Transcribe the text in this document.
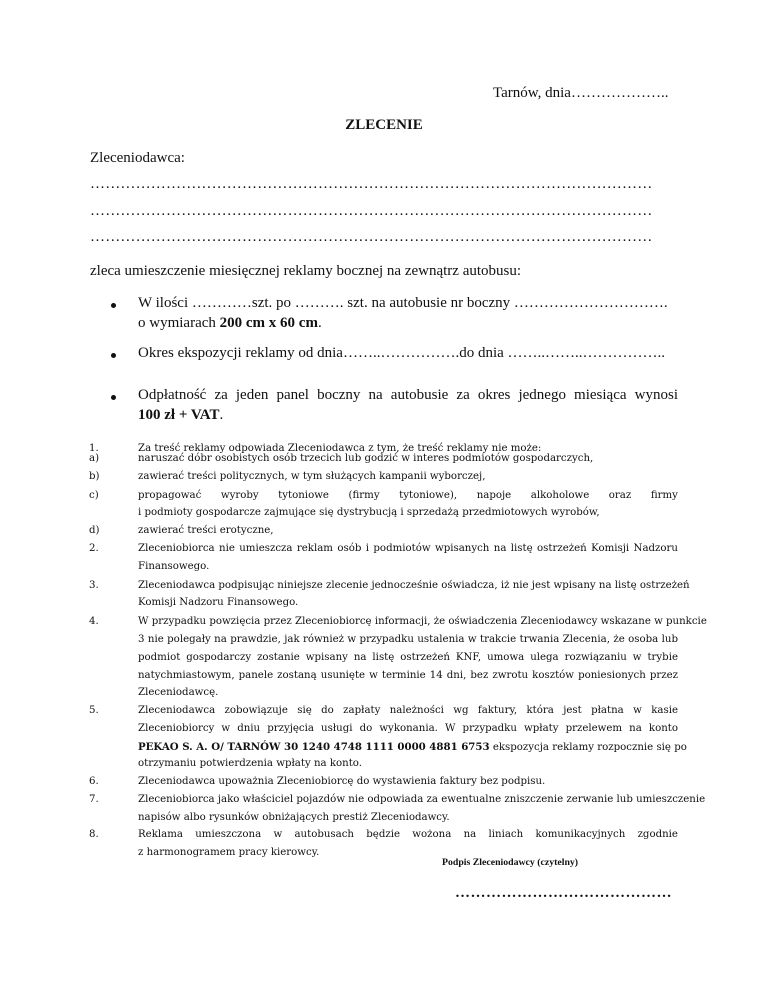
Tarnów, dnia………………..
ZLECENIE
Zleceniodawca:
…………………………………………………………………………………………………
…………………………………………………………………………………………………
…………………………………………………………………………………………………
zleca umieszczenie miesięcznej reklamy bocznej na zewnątrz autobusu:
W ilości …………szt. po ………. szt. na autobusie nr boczny ………………………….
o wymiarach 200 cm x 60 cm.
Okres ekspozycji reklamy od dnia……..…………….do dnia ……..……..……………..
Odpłatność za jeden panel boczny na autobusie za okres jednego miesiąca wynosi
100 zł + VAT.
1.	Za treść reklamy odpowiada Zleceniodawca z tym, że treść reklamy nie może:
a)	naruszać dóbr osobistych osób trzecich lub godzić w interes podmiotów gospodarczych,
b)	zawierać treści politycznych, w tym służących kampanii wyborczej,
c)	propagować wyroby tytoniowe (firmy tytoniowe), napoje alkoholowe oraz firmy
i podmioty gospodarcze zajmujące się dystrybucją i sprzedażą przedmiotowych wyrobów,
d)	zawierać treści erotyczne,
2.	Zleceniobiorca nie umieszcza reklam osób i podmiotów wpisanych na listę ostrzeżeń Komisji Nadzoru
Finansowego.
3.	Zleceniodawca podpisując niniejsze zlecenie jednocześnie oświadcza, iż nie jest wpisany na listę ostrzeżeń
Komisji Nadzoru Finansowego.
4.	W przypadku powzięcia przez Zleceniobiorcę informacji, że oświadczenia Zleceniodawcy wskazane w punkcie
3 nie polegały na prawdzie, jak również w przypadku ustalenia w trakcie trwania Zlecenia, że osoba lub
podmiot gospodarczy zostanie wpisany na listę ostrzeżeń KNF, umowa ulega rozwiązaniu w trybie
natychmiastowym, panele zostaną usunięte w terminie 14 dni, bez zwrotu kosztów poniesionych przez
Zleceniodawcę.
5.	Zleceniodawca zobowiązuje się do zapłaty należności wg faktury, która jest płatna w kasie
Zleceniobiorcy w dniu przyjęcia usługi do wykonania. W przypadku wpłaty przelewem na konto
PEKAO S. A. O/ TARNÓW 30 1240 4748 1111 0000 4881 6753 ekspozycja reklamy rozpocznie się po
otrzymaniu potwierdzenia wpłaty na konto.
6.	Zleceniodawca upoważnia Zleceniobiorcę do wystawienia faktury bez podpisu.
7.	Zleceniobiorca jako właściciel pojazdów nie odpowiada za ewentualne zniszczenie zerwanie lub umieszczenie
napisów albo rysunków obniżających prestiż Zleceniodawcy.
8.	Reklama umieszczona w autobusach będzie wożona na liniach komunikacyjnych zgodnie
z harmonogramem pracy kierowcy.
Podpis Zleceniodawcy (czytelny)
……………………………………
